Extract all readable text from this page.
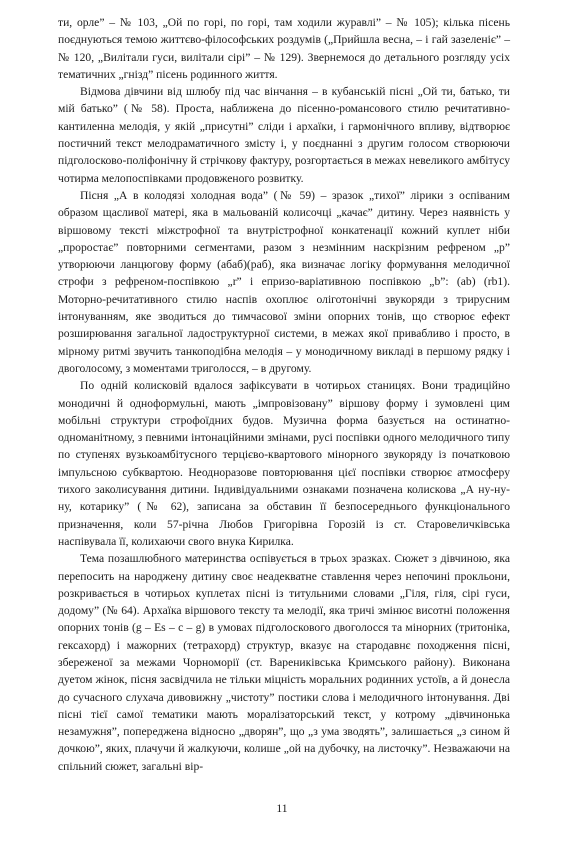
ти, орле” – № 103, „Ой по горі, по горі, там ходили журавлі” – № 105); кілька пісень поєднуються темою життєво-філософських роздумів („Прийшла весна, – і гай зазеленіє” – № 120, „Вилітали гуси, вилітали сірі” – № 129). Звернемося до детального розгляду усіх тематичних „гнізд” пісень родинного життя.

Відмова дівчини від шлюбу під час вінчання – в кубанській пісні „Ой ти, батько, ти мій батько” (№ 58). Проста, наближена до пісенно-романсового стилю речитативно-кантиленна мелодія, у якій „присутні” сліди і архаїки, і гармонічного впливу, відтворює постичний текст мелодраматичного змісту і, у поєднанні з другим голосом створюючи підголосково-поліфонічну й стрічкову фактуру, розгортається в межах невеликого амбітусу чотирма мелопоспівками продовженого розвитку.

Пісня „А в колодязі холодная вода” (№ 59) – зразок „тихої” лірики з оспіваним образом щасливої матері, яка в мальованій колисочці „качає” дитину. Через наявність у віршовому тексті міжстрофної та внутрістрофної конкатенації кожний куплет ніби „проростає” повторними сегментами, разом з незмінним наскрізним рефреном „р” утворюючи ланцюгову форму (абаб)(раб), яка визначає логіку формування мелодичної строфи з рефреном-поспівкою „r” і епризо-варіативною поспівкою „b”: (ab) (rb1). Моторно-речитативного стилю наспів охоплює оліготонічні звукоряди з трирусним інтонуванням, яке зводиться до тимчасової зміни опорних тонів, що створює ефект розширювання загальної ладоструктурної системи, в межах якої привабливо і просто, в мірному ритмі звучить танкоподібна мелодія – у монодичному викладі в першому рядку і двоголосому, з моментами триголосся, – в другому.

По одній колисковій вдалося зафіксувати в чотирьох станицях. Вони традиційно монодичні й одноформульні, мають „імпровізовану” віршову форму і зумовлені цим мобільні структури строфоїдних будов. Музична форма базується на остинатно-одноманітному, з певними інтонаційними змінами, русі поспівки одного мелодичного типу по ступенях вузькоамбітусного терцієво-квартового мінорного звукоряду із початковою імпульсною субквартою. Неодноразове повторювання цієї поспівки створює атмосферу тихого заколисування дитини. Індивідуальними ознаками позначена колискова „А ну-ну-ну, котарику” (№ 62), записана за обставин її безпосереднього функціонального призначення, коли 57-річна Любов Григорівна Горозій із ст. Старовеличківська наспівувала її, колихаючи свого внука Кирилка.

Тема позашлюбного материнства оспівується в трьох зразках. Сюжет з дівчиною, яка перепосить на народжену дитину своє неадекватне ставлення через непочині прокльони, розкривається в чотирьох куплетах пісні із титульними словами „Гіля, гіля, сірі гуси, додому” (№ 64). Архаїка віршового тексту та мелодії, яка тричі змінює висотні положення опорних тонів (g – Es – c – g) в умовах підголоскового двоголосся та мінорних (тритоніка, гексахорд) і мажорних (тетрахорд) структур, вказує на стародавнє походження пісні, збереженої за межами Чорноморії (ст. Варениківська Кримського району). Виконана дуетом жінок, пісня засвідчила не тільки міцність моральних родинних устоїв, а й донесла до сучасного слухача дивовижну „чистоту” постики слова і мелодичного інтонування. Дві пісні тієї самої тематики мають моралізаторський текст, у котрому „дівчинонька незамужня”, попереджена відносно „дворян”, що „з ума зводять”, залишається „з сином й дочкою”, яких, плачучи й жалкуючи, колише „ой на дубочку, на листочку”. Незважаючи на спільний сюжет, загальні вір-

11
